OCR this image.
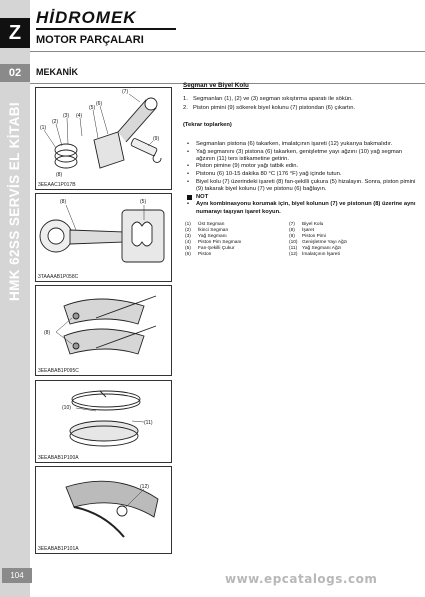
Z
02
HMK 62SS SERVİS EL KİTABI
104
HİDROMEK
MOTOR PARÇALARI
MEKANİK
(1)
(2)
(3) (4)
(5)
(6)
(7)
(8)
(9)
3EEAAC1P017B
(8)	(5)
3TAAAAB1P058C
(8)
3EEABAB1P095C
(10)
(11)
3EEABAB1P100A
(12)
3EEABAB1P101A
Segman ve Biyel Kolu
1. Segmanları (1), (2) ve (3) segman sıkıştırma aparatı ile sökün.
2. Piston pimini (9) sökerek biyel kolunu (7) pistondan (6) çıkartın.
(Tekrar toplarken)
•	Segmanları pistona (6) takarken, imalatçının işareti (12) yukarıya bakmalıdır.
•	Yağ segmanını (3) pistona (6) takarken, genişletme yayı ağzını (10) yağ segman ağzının (11) ters istikametine getirin.
•	Piston pimine (9) motor yağı tatbik edin.
•	Pistonu (6) 10-15 dakika 80 °C (176 °F) yağ içinde tutun.
•	Biyel kolu (7) üzerindeki işareti (8) fan-şekilli çukura (5) hizalayın. Sonra, piston pimini (9) takarak biyel kolunu (7) ve pistonu (6) bağlayın.
NOT
•	Aynı kombinasyonu korumak için, biyel kolunun (7) ve pistonun (8) üzerine aynı numarayı taşıyan işaret koyun.
(1)	Üst Segman	(7)	Biyel Kolu
(2)	İkinci Segman	(8)	İşaret
(3)	Yağ Segmanı	(9)	Piston Pimi
(4)	Piston Pim Segmanı	(10) Genişletme Yayı Ağzı
(5)	Fan-Şekilli Çukur	(11)	Yağ Segmanı Ağzı
(6)	Piston	(12) İmalatçının İşareti
www.epcatalogs.com
